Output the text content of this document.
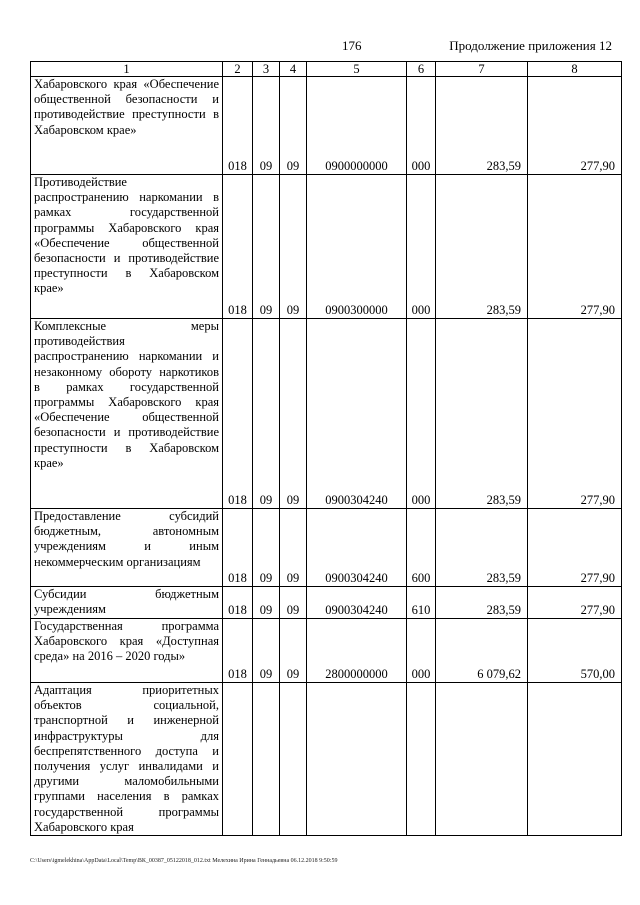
176	Продолжение приложения 12
1	2	3	4	5	6	7	8
Хабаровского края «Обеспечение общественной безопасности и противодействие преступности в Хабаровском крае»	018	09	09	0900000000	000	283,59	277,90
Противодействие распространению наркомании в рамках государственной программы Хабаровского края «Обеспечение общественной безопасности и противодействие преступности в Хабаровском крае»	018	09	09	0900300000	000	283,59	277,90
Комплексные меры противодействия распространению наркомании и незаконному обороту наркотиков в рамках государственной программы Хабаровского края «Обеспечение общественной безопасности и противодействие преступности в Хабаровском крае»	018	09	09	0900304240	000	283,59	277,90
Предоставление субсидий бюджетным, автономным учреждениям и иным некоммерческим организациям	018	09	09	0900304240	600	283,59	277,90
Субсидии бюджетным учреждениям	018	09	09	0900304240	610	283,59	277,90
Государственная программа Хабаровского края «Доступная среда» на 2016 – 2020 годы»	018	09	09	2800000000	000	6 079,62	570,00
Адаптация приоритетных объектов социальной, транспортной и инженерной инфраструктуры для беспрепятственного доступа и получения услуг инвалидами и другими маломобильными группами населения в рамках государственной программы Хабаровского края							
C:\Users\igmelekhina\AppData\Local\Temp\ВК_00387_05122018_012.txt Мелехина Ирина Геннадьевна 06.12.2018 9:50:59
